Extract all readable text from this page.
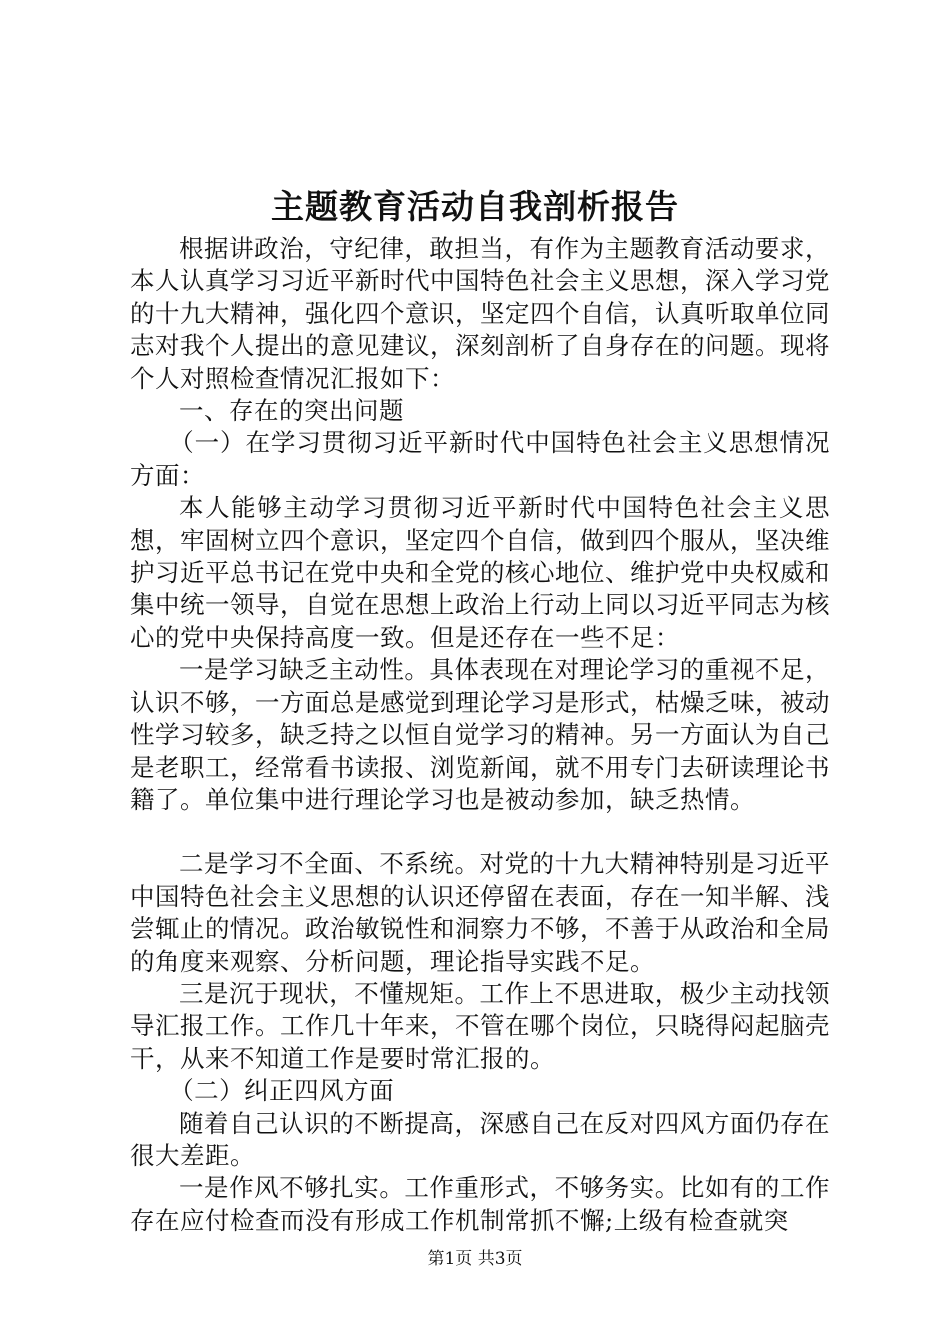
主题教育活动自我剖析报告

根据讲政治，守纪律，敢担当，有作为主题教育活动要求，本人认真学习习近平新时代中国特色社会主义思想，深入学习党的十九大精神，强化四个意识，坚定四个自信，认真听取单位同志对我个人提出的意见建议，深刻剖析了自身存在的问题。现将个人对照检查情况汇报如下：

一、存在的突出问题

（一）在学习贯彻习近平新时代中国特色社会主义思想情况方面：

本人能够主动学习贯彻习近平新时代中国特色社会主义思想，牢固树立四个意识，坚定四个自信，做到四个服从，坚决维护习近平总书记在党中央和全党的核心地位、维护党中央权威和集中统一领导，自觉在思想上政治上行动上同以习近平同志为核心的党中央保持高度一致。但是还存在一些不足：

一是学习缺乏主动性。具体表现在对理论学习的重视不足，认识不够，一方面总是感觉到理论学习是形式，枯燥乏味，被动性学习较多，缺乏持之以恒自觉学习的精神。另一方面认为自己是老职工，经常看书读报、浏览新闻，就不用专门去研读理论书籍了。单位集中进行理论学习也是被动参加，缺乏热情。

二是学习不全面、不系统。对党的十九大精神特别是习近平中国特色社会主义思想的认识还停留在表面，存在一知半解、浅尝辄止的情况。政治敏锐性和洞察力不够，不善于从政治和全局的角度来观察、分析问题，理论指导实践不足。

三是沉于现状，不懂规矩。工作上不思进取，极少主动找领导汇报工作。工作几十年来，不管在哪个岗位，只晓得闷起脑壳干，从来不知道工作是要时常汇报的。

（二）纠正四风方面

随着自己认识的不断提高，深感自己在反对四风方面仍存在很大差距。

一是作风不够扎实。工作重形式，不够务实。比如有的工作存在应付检查而没有形成工作机制常抓不懈;上级有检查就突

第1页 共3页
